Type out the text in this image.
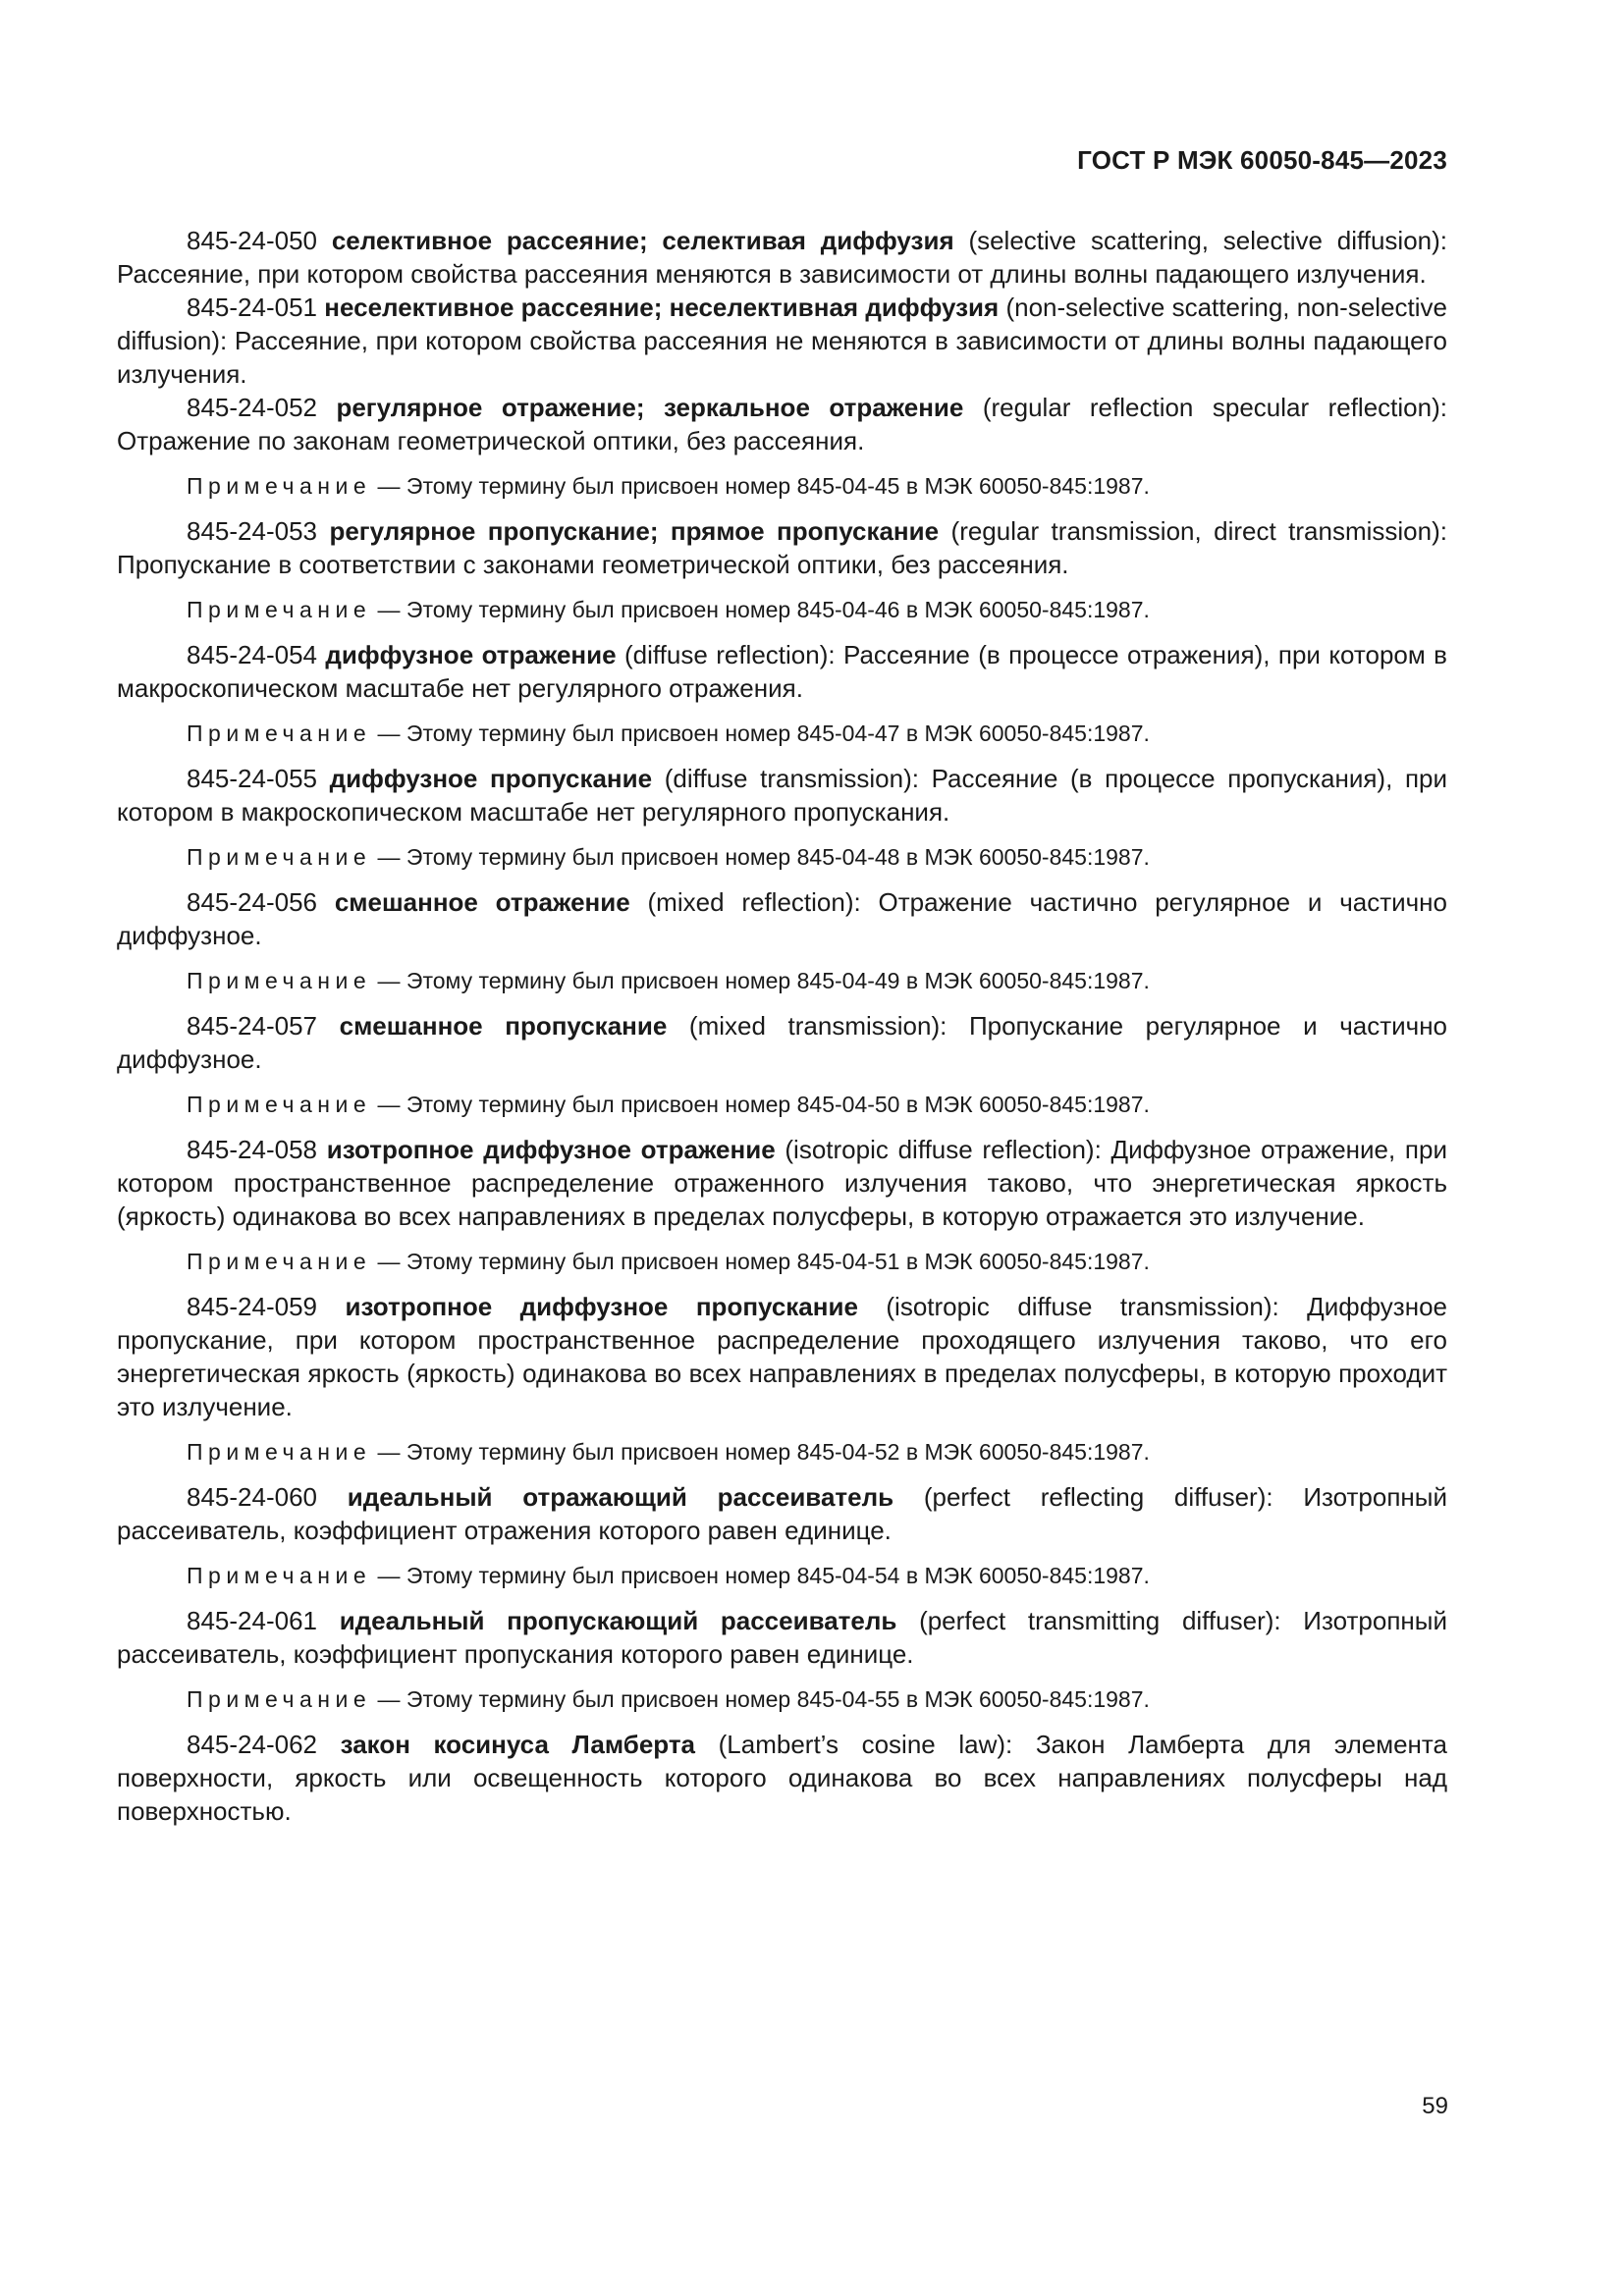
ГОСТ Р МЭК 60050-845—2023

845-24-050 селективное рассеяние; селективая диффузия (selective scattering, selective diffusion): Рассеяние, при котором свойства рассеяния меняются в зависимости от длины волны падающего излучения.

845-24-051 неселективное рассеяние; неселективная диффузия (non-selective scattering, non-selective diffusion): Рассеяние, при котором свойства рассеяния не меняются в зависимости от длины волны падающего излучения.

845-24-052 регулярное отражение; зеркальное отражение (regular reflection specular reflection): Отражение по законам геометрической оптики, без рассеяния.

Примечание — Этому термину был присвоен номер 845-04-45 в МЭК 60050-845:1987.

845-24-053 регулярное пропускание; прямое пропускание (regular transmission, direct transmission): Пропускание в соответствии с законами геометрической оптики, без рассеяния.

Примечание — Этому термину был присвоен номер 845-04-46 в МЭК 60050-845:1987.

845-24-054 диффузное отражение (diffuse reflection): Рассеяние (в процессе отражения), при котором в макроскопическом масштабе нет регулярного отражения.

Примечание — Этому термину был присвоен номер 845-04-47 в МЭК 60050-845:1987.

845-24-055 диффузное пропускание (diffuse transmission): Рассеяние (в процессе пропускания), при котором в макроскопическом масштабе нет регулярного пропускания.

Примечание — Этому термину был присвоен номер 845-04-48 в МЭК 60050-845:1987.

845-24-056 смешанное отражение (mixed reflection): Отражение частично регулярное и частично диффузное.

Примечание — Этому термину был присвоен номер 845-04-49 в МЭК 60050-845:1987.

845-24-057 смешанное пропускание (mixed transmission): Пропускание регулярное и частично диффузное.

Примечание — Этому термину был присвоен номер 845-04-50 в МЭК 60050-845:1987.

845-24-058 изотропное диффузное отражение (isotropic diffuse reflection): Диффузное отражение, при котором пространственное распределение отраженного излучения таково, что энергетическая яркость (яркость) одинакова во всех направлениях в пределах полусферы, в которую отражается это излучение.

Примечание — Этому термину был присвоен номер 845-04-51 в МЭК 60050-845:1987.

845-24-059 изотропное диффузное пропускание (isotropic diffuse transmission): Диффузное пропускание, при котором пространственное распределение проходящего излучения таково, что его энергетическая яркость (яркость) одинакова во всех направлениях в пределах полусферы, в которую проходит это излучение.

Примечание — Этому термину был присвоен номер 845-04-52 в МЭК 60050-845:1987.

845-24-060 идеальный отражающий рассеиватель (perfect reflecting diffuser): Изотропный рассеиватель, коэффициент отражения которого равен единице.

Примечание — Этому термину был присвоен номер 845-04-54 в МЭК 60050-845:1987.

845-24-061 идеальный пропускающий рассеиватель (perfect transmitting diffuser): Изотропный рассеиватель, коэффициент пропускания которого равен единице.

Примечание — Этому термину был присвоен номер 845-04-55 в МЭК 60050-845:1987.

845-24-062 закон косинуса Ламберта (Lambert’s cosine law): Закон Ламберта для элемента поверхности, яркость или освещенность которого одинакова во всех направлениях полусферы над поверхностью.

59
